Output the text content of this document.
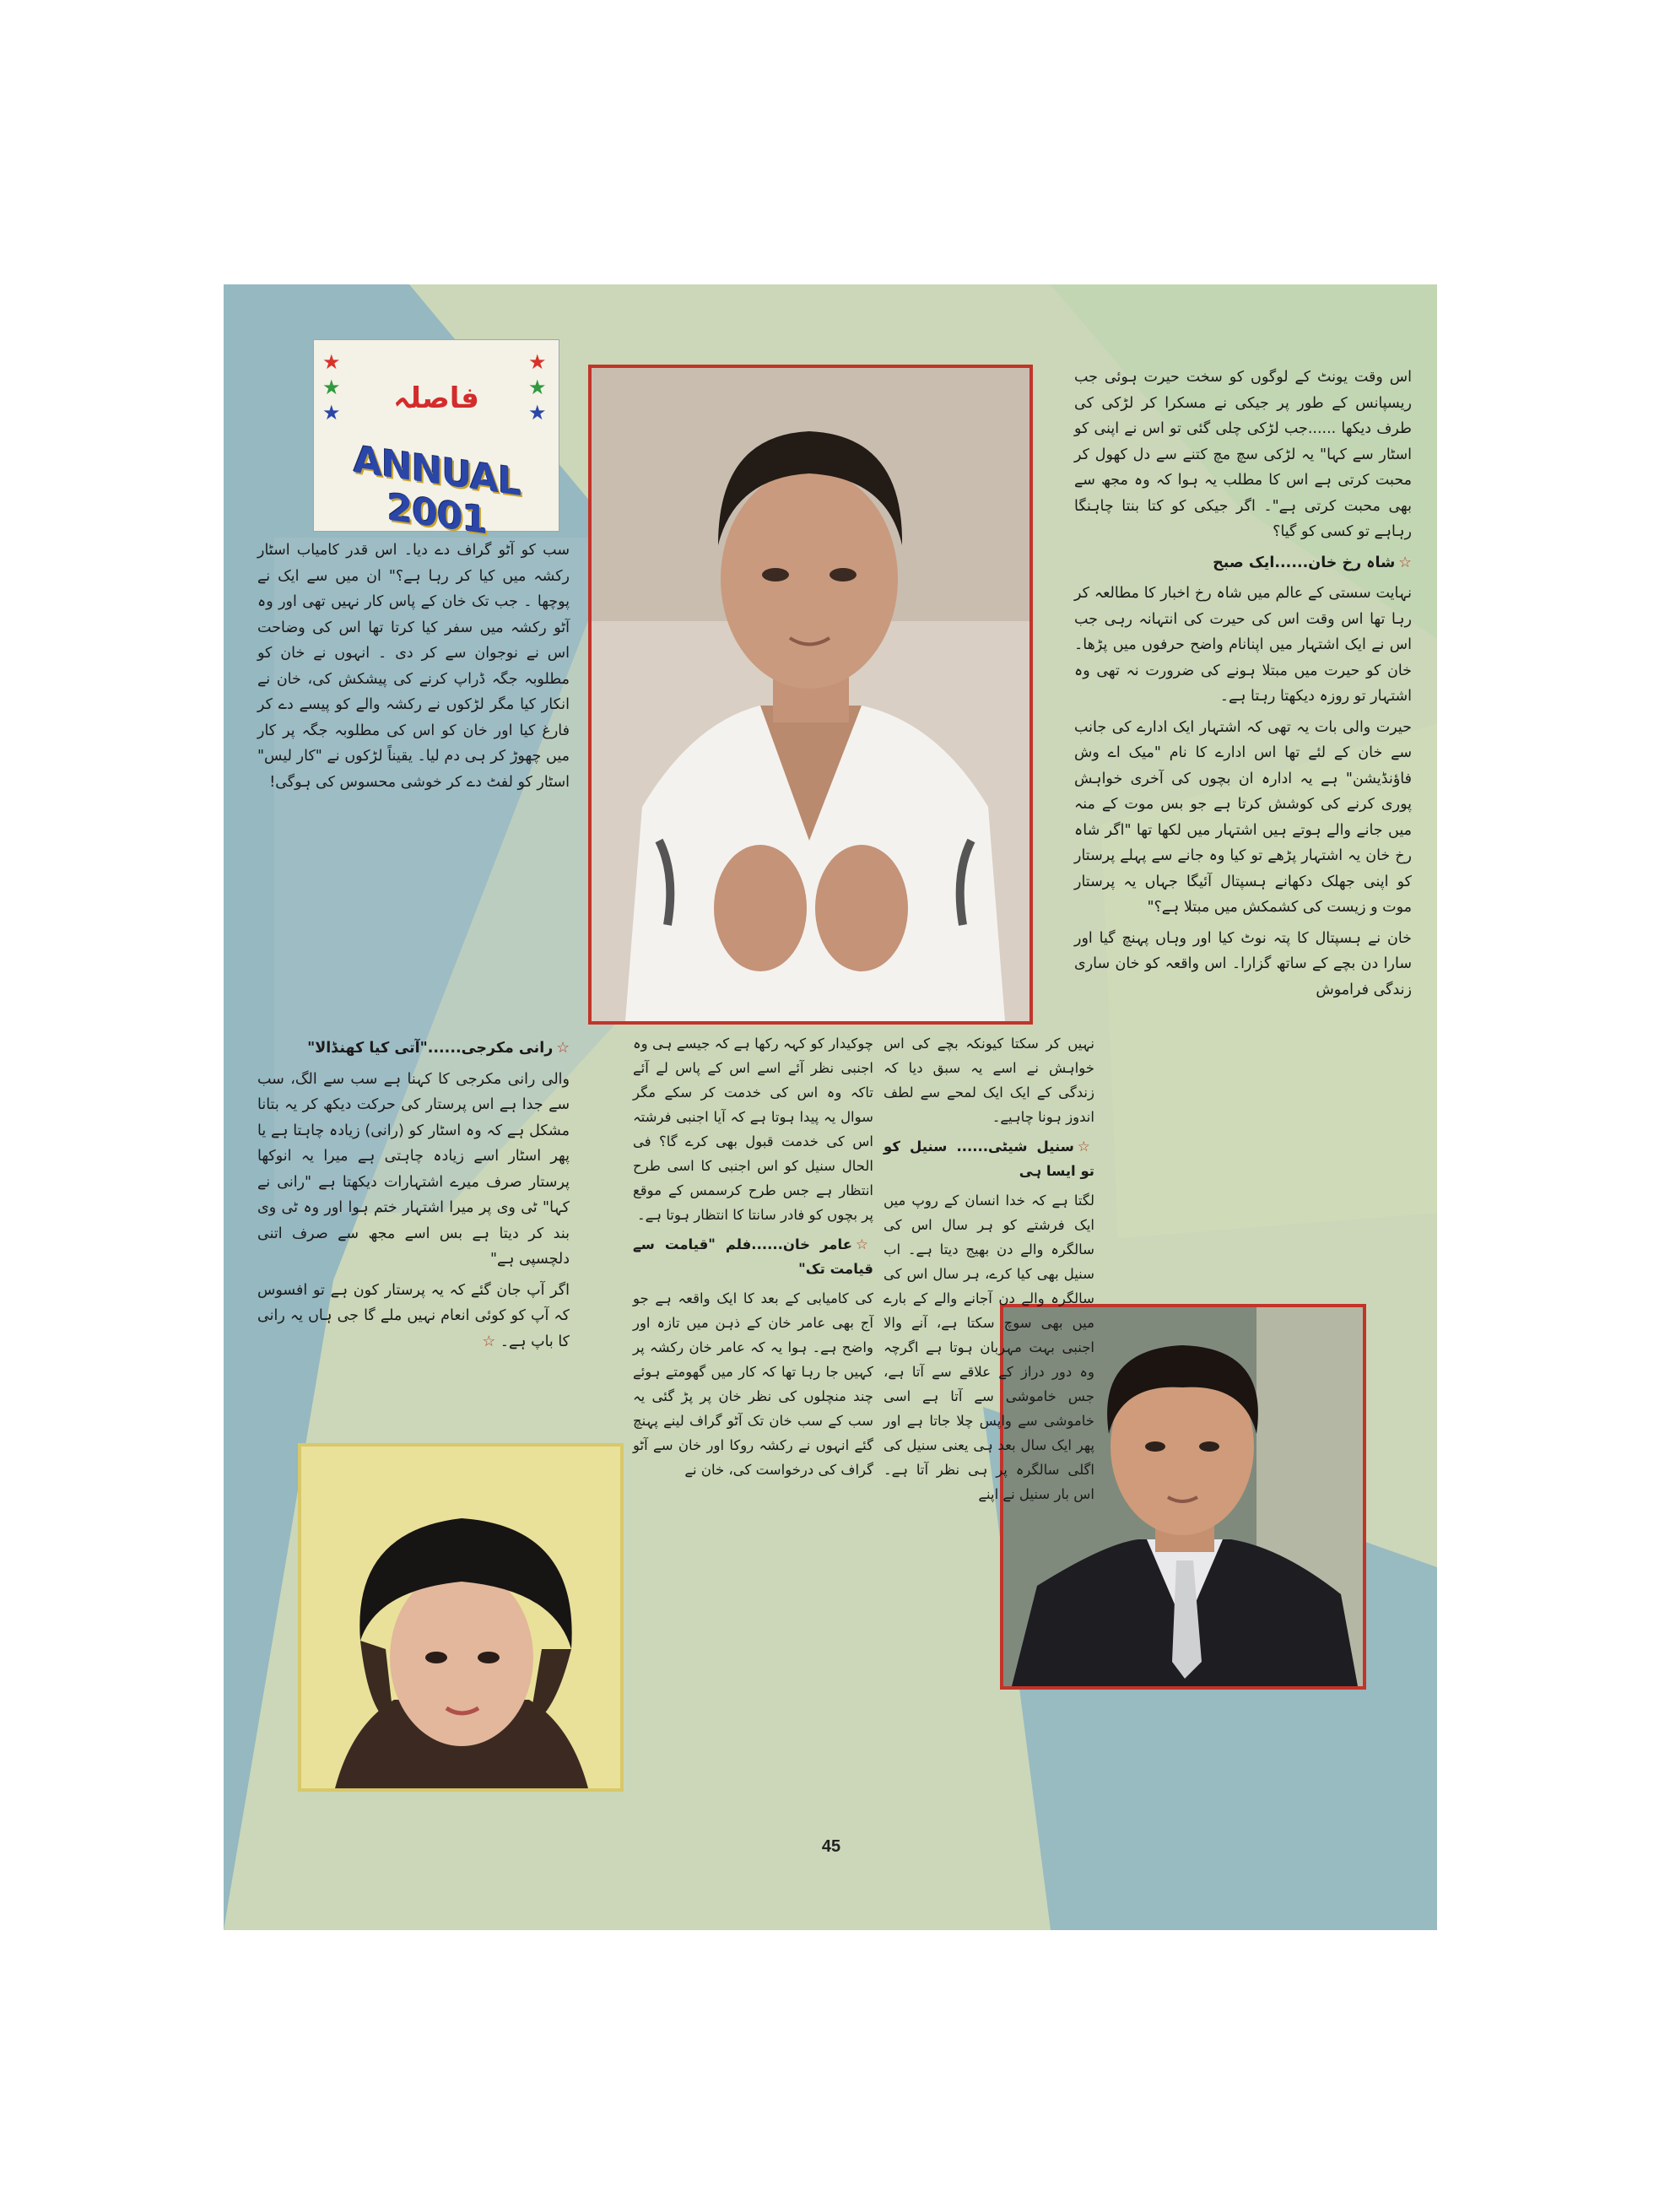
★
★
★
★
★
★
فاصلہ
ANNUAL 2001

اس وقت یونٹ کے لوگوں کو سخت حیرت ہوئی جب ریسپانس کے طور پر جیکی نے مسکرا کر لڑکی کی طرف دیکھا ......جب لڑکی چلی گئی تو اس نے اپنی کو اسٹار سے کہا" یہ لڑکی سچ مچ کتنے سے دل کھول کر محبت کرتی ہے اس کا مطلب یہ ہوا کہ وہ مجھ سے بھی محبت کرتی ہے"۔ اگر جیکی کو کتا بنتا چاہنگا رہاہے تو کسی کو گیا؟

☆شاہ رخ خان......ایک صبح

نہایت سستی کے عالم میں شاہ رخ اخبار کا مطالعہ کر رہا تھا اس وقت اس کی حیرت کی انتہانہ رہی جب اس نے ایک اشتہار میں اپنانام واضح حرفوں میں پڑھا۔ خان کو حیرت میں مبتلا ہونے کی ضرورت نہ تھی وہ اشتہار تو روزہ دیکھتا رہتا ہے۔

حیرت والی بات یہ تھی کہ اشتہار ایک ادارے کی جانب سے خان کے لئے تھا اس ادارے کا نام "میک اے وش فاؤنڈیشن" ہے یہ ادارہ ان بچوں کی آخری خواہش پوری کرنے کی کوشش کرتا ہے جو بس موت کے منہ میں جانے والے ہوتے ہیں اشتہار میں لکھا تھا "اگر شاہ رخ خان یہ اشتہار پڑھے تو کیا وہ جانے سے پہلے پرستار کو اپنی جھلک دکھانے ہسپتال آئیگا جہاں یہ پرستار موت و زیست کی کشمکش میں مبتلا ہے؟"

خان نے ہسپتال کا پتہ نوٹ کیا اور وہاں پہنچ گیا اور سارا دن بچے کے ساتھ گزارا۔ اس واقعہ کو خان ساری زندگی فراموش

سب کو آٹو گراف دے دیا۔ اس قدر کامیاب اسٹار رکشہ میں کیا کر رہا ہے؟" ان میں سے ایک نے پوچھا ۔ جب تک خان کے پاس کار نہیں تھی اور وہ آٹو رکشہ میں سفر کیا کرتا تھا اس کی وضاحت اس نے نوجوان سے کر دی ۔ انہوں نے خان کو مطلوبہ جگہ ڈراپ کرنے کی پیشکش کی، خان نے انکار کیا مگر لڑکوں نے رکشہ والے کو پیسے دے کر فارغ کیا اور خان کو اس کی مطلوبہ جگہ پر کار میں چھوڑ کر ہی دم لیا۔ یقیناً لڑکوں نے "کار لیس" اسٹار کو لفٹ دے کر خوشی محسوس کی ہوگی!

☆رانی مکرجی......"آتی کیا کھنڈالا"

والی رانی مکرجی کا کہنا ہے سب سے الگ، سب سے جدا ہے اس پرستار کی حرکت دیکھ کر یہ بتانا مشکل ہے کہ وہ اسٹار کو (رانی) زیادہ چاہتا ہے یا پھر اسٹار اسے زیادہ چاہتی ہے میرا یہ انوکھا پرستار صرف میرے اشتہارات دیکھتا ہے "رانی نے کہا" ٹی وی پر میرا اشتہار ختم ہوا اور وہ ٹی وی بند کر دیتا ہے بس اسے مجھ سے صرف اتنی دلچسپی ہے"

اگر آپ جان گئے کہ یہ پرستار کون ہے تو افسوس کہ آپ کو کوئی انعام نہیں ملے گا جی ہاں یہ رانی کا باپ ہے۔ ☆

چوکیدار کو کہہ رکھا ہے کہ جیسے ہی وہ اجنبی نظر آئے اسے اس کے پاس لے آئے تاکہ وہ اس کی خدمت کر سکے مگر سوال یہ پیدا ہوتا ہے کہ آیا اجنبی فرشتہ اس کی خدمت قبول بھی کرے گا؟ فی الحال سنیل کو اس اجنبی کا اسی طرح انتظار ہے جس طرح کرسمس کے موقع پر بچوں کو فادر سانتا کا انتظار ہوتا ہے۔

☆عامر خان......فلم "قیامت سے قیامت تک"

کی کامیابی کے بعد کا ایک واقعہ ہے جو آج بھی عامر خان کے ذہن میں تازہ اور واضح ہے۔ ہوا یہ کہ عامر خان رکشہ پر کہیں جا رہا تھا کہ کار میں گھومتے ہوئے چند منچلوں کی نظر خان پر پڑ گئی یہ سب کے سب خان تک آٹو گراف لینے پہنچ گئے انہوں نے رکشہ روکا اور خان سے آٹو گراف کی درخواست کی، خان نے

نہیں کر سکتا کیونکہ بچے کی اس خواہش نے اسے یہ سبق دیا کہ زندگی کے ایک ایک لمحے سے لطف اندوز ہونا چاہیے۔

☆سنیل شیٹی...... سنیل کو تو ایسا ہی

لگتا ہے کہ خدا انسان کے روپ میں ایک فرشتے کو ہر سال اس کی سالگرہ والے دن بھیج دیتا ہے۔ اب سنیل بھی کیا کرے، ہر سال اس کی سالگرہ والے دن آجانے والے کے بارے میں بھی سوچ سکتا ہے، آنے والا اجنبی بہت مہربان ہوتا ہے اگرچہ وہ دور دراز کے علاقے سے آتا ہے، جس خاموشی سے آتا ہے اسی خاموشی سے واپس چلا جاتا ہے اور پھر ایک سال بعد ہی یعنی سنیل کی اگلی سالگرہ پر ہی نظر آتا ہے۔ اس بار سنیل نے اپنے

45
